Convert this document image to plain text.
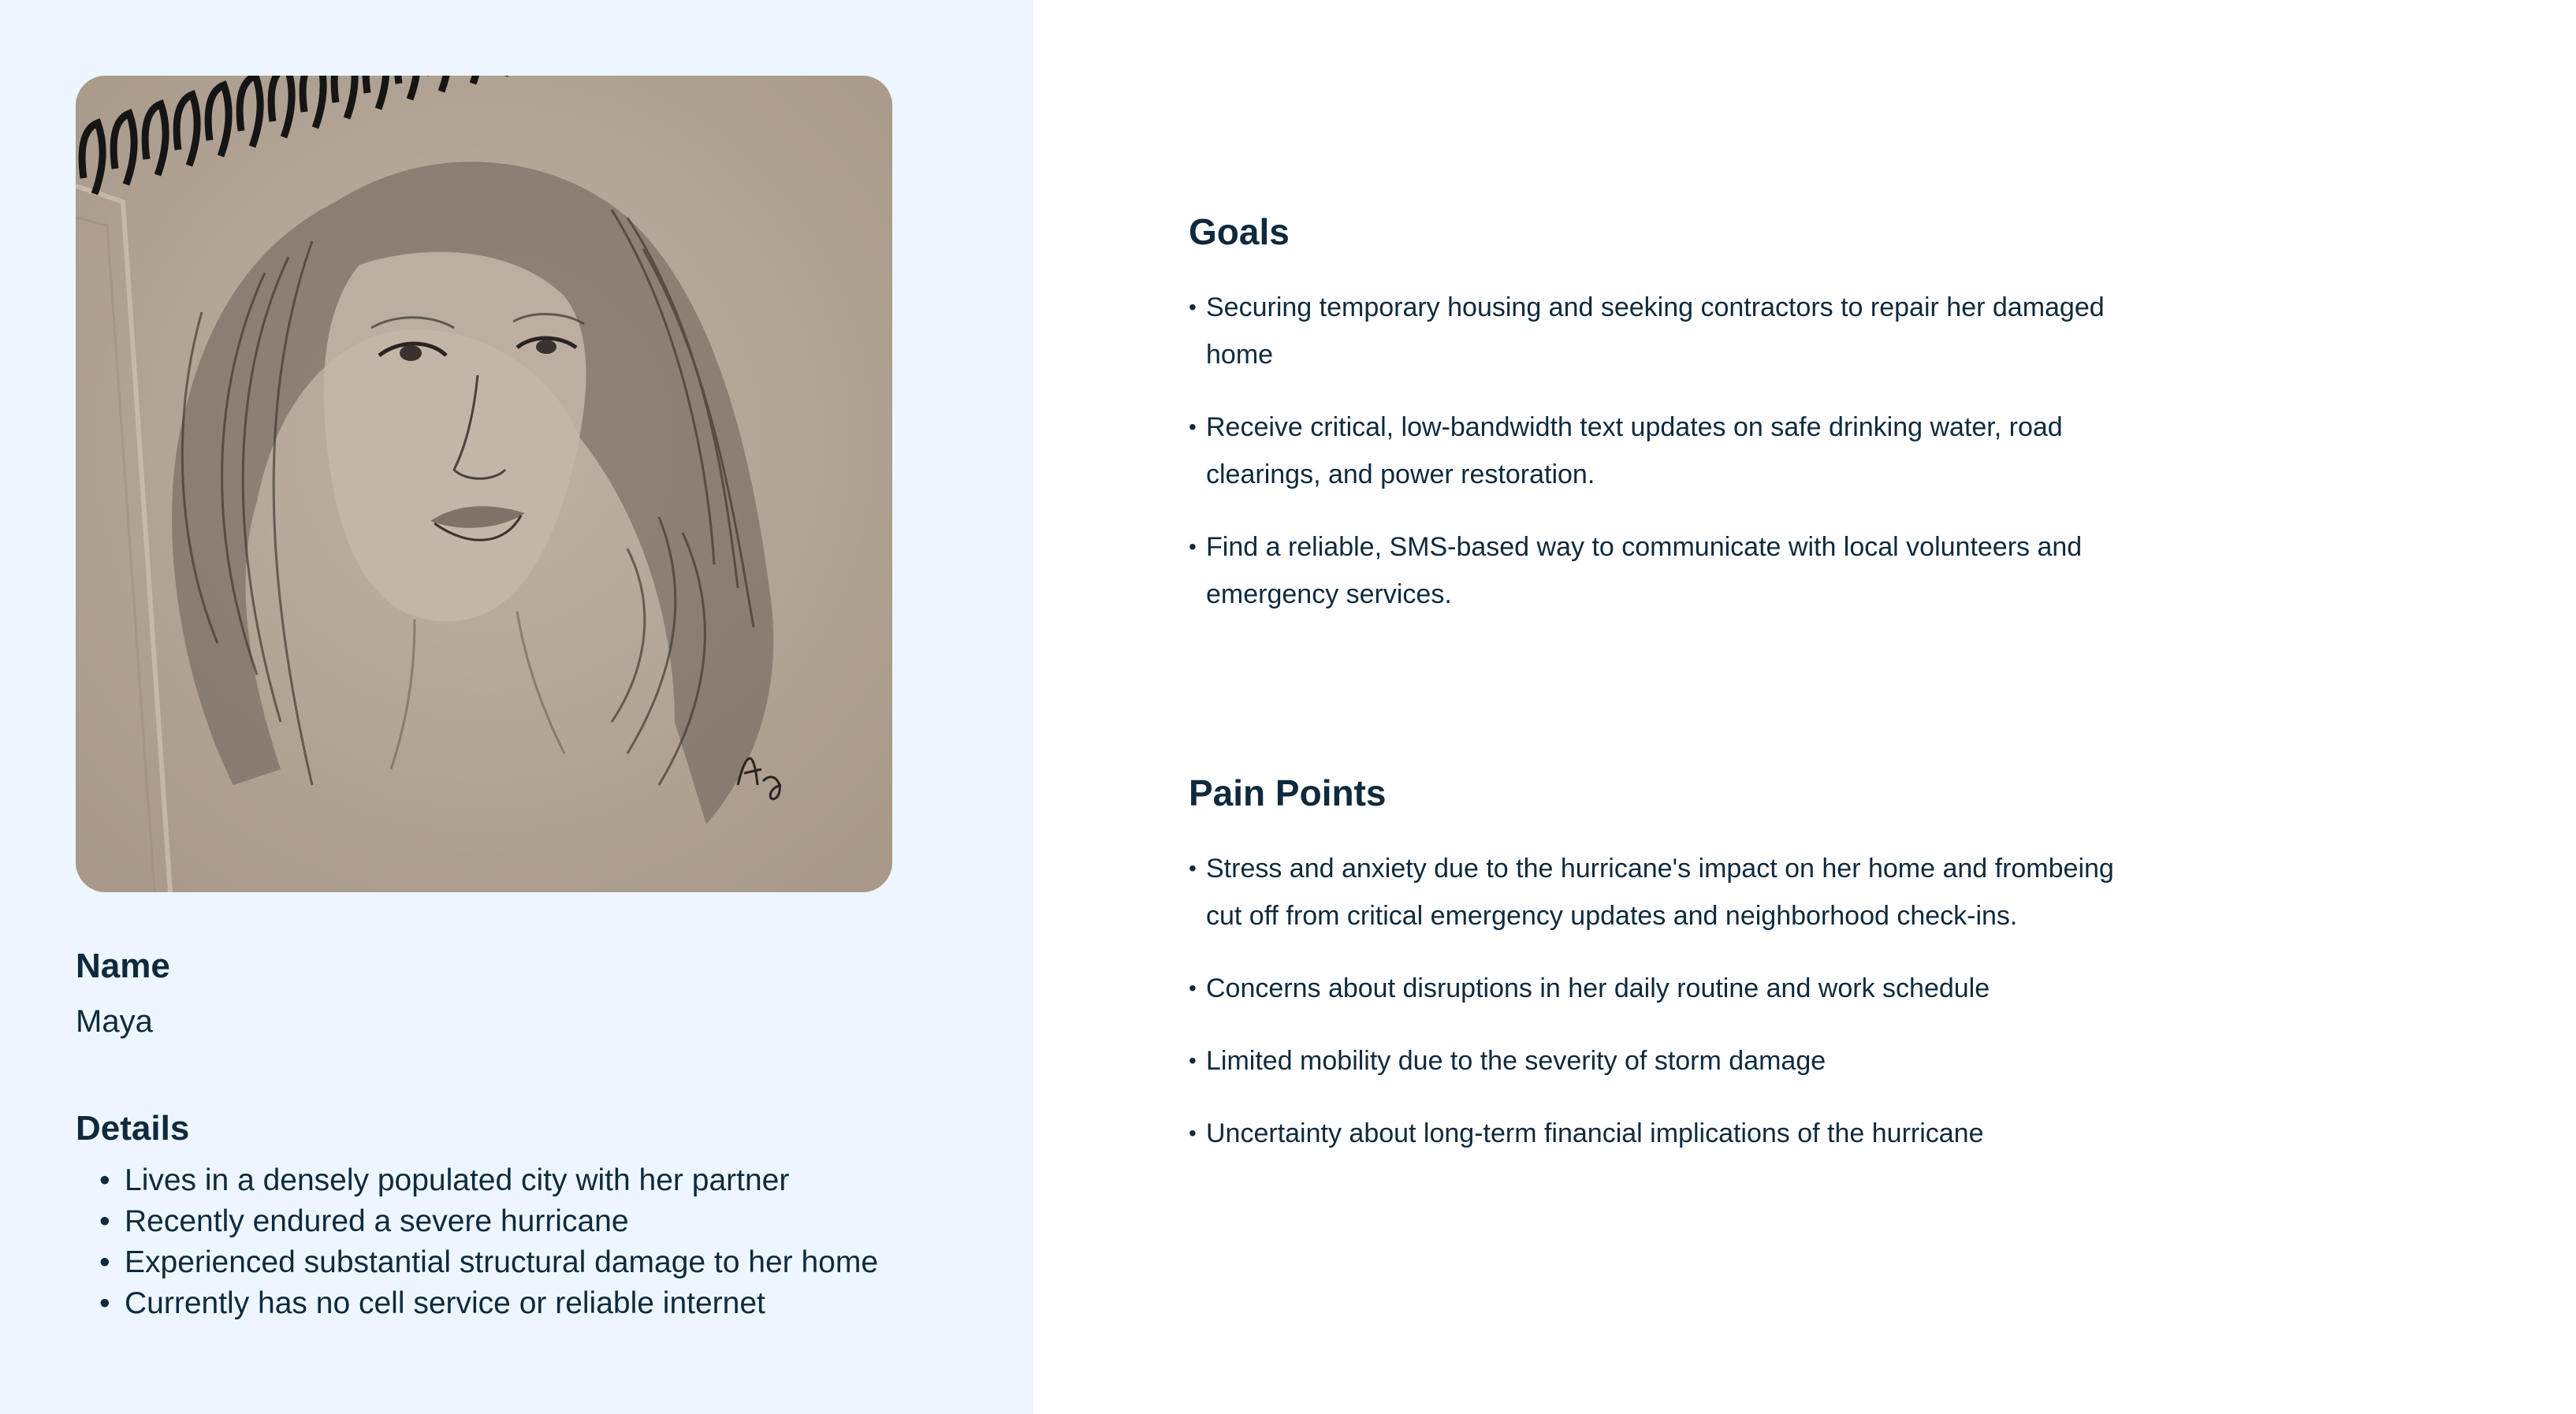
Name

Maya

Details
• Lives in a densely populated city with her partner
• Recently endured a severe hurricane
• Experienced substantial structural damage to her home
• Currently has no cell service or reliable internet
Goals
• Securing temporary housing and seeking contractors to repair her damaged home
• Receive critical, low-bandwidth text updates on safe drinking water, road clearings, and power restoration.
• Find a reliable, SMS-based way to communicate with local volunteers and emergency services.
Pain Points
• Stress and anxiety due to the hurricane's impact on her home and frombeing cut off from critical emergency updates and neighborhood check-ins.
• Concerns about disruptions in her daily routine and work schedule
• Limited mobility due to the severity of storm damage
• Uncertainty about long-term financial implications of the hurricane
